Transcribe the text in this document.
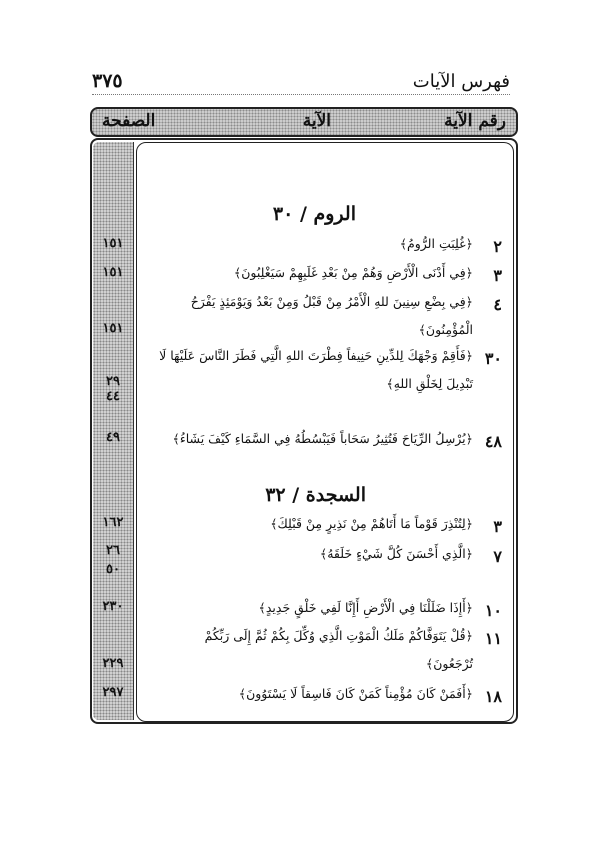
٣٧٥	فهرس الآيات
رقم الآية
الآية
الصفحة
الروم / ٣٠
٢
﴿غُلِبَتِ الرُّومُ﴾
١٥١
٣
﴿فِي أَدْنَى الْأَرْضِ وَهُمْ مِنْ بَعْدِ غَلَبِهِمْ سَيَغْلِبُونَ﴾
١٥١
٤
﴿فِي بِضْعِ سِنِينَ للهِ الْأَمْرُ مِنْ قَبْلُ وَمِنْ بَعْدُ وَيَوْمَئِذٍ يَفْرَحُ
الْمُؤْمِنُونَ﴾
١٥١
٣٠
﴿فَأَقِمْ وَجْهَكَ لِلدِّينِ حَنِيفاً فِطْرَتَ اللهِ الَّتِي فَطَرَ النَّاسَ عَلَيْهَا لَا
تَبْدِيلَ لِخَلْقِ اللهِ﴾
٢٩
٤٤
٤٨
﴿يُرْسِلُ الرِّيَاحَ فَتُثِيرُ سَحَاباً فَيَبْسُطُهُ فِي السَّمَاءِ كَيْفَ يَشَاءُ﴾
٤٩
السجدة / ٣٢
٣
﴿لِتُنْذِرَ قَوْماً مَا أَتَاهُمْ مِنْ نَذِيرٍ مِنْ قَبْلِكَ﴾
١٦٢
٧
﴿الَّذِي أَحْسَنَ كُلَّ شَيْءٍ خَلَقَهُ﴾
٢٦
٥٠
١٠
﴿أَإِذَا ضَلَلْنَا فِي الْأَرْضِ أَإِنَّا لَفِي خَلْقٍ جَدِيدٍ﴾
٢٣٠
١١
﴿قُلْ يَتَوَفَّاكُمْ مَلَكُ الْمَوْتِ الَّذِي وُكِّلَ بِكُمْ ثُمَّ إِلَى رَبِّكُمْ
تُرْجَعُونَ﴾
٢٢٩
١٨
﴿أَفَمَنْ كَانَ مُؤْمِناً كَمَنْ كَانَ فَاسِقاً لَا يَسْتَوُونَ﴾
٢٩٧
